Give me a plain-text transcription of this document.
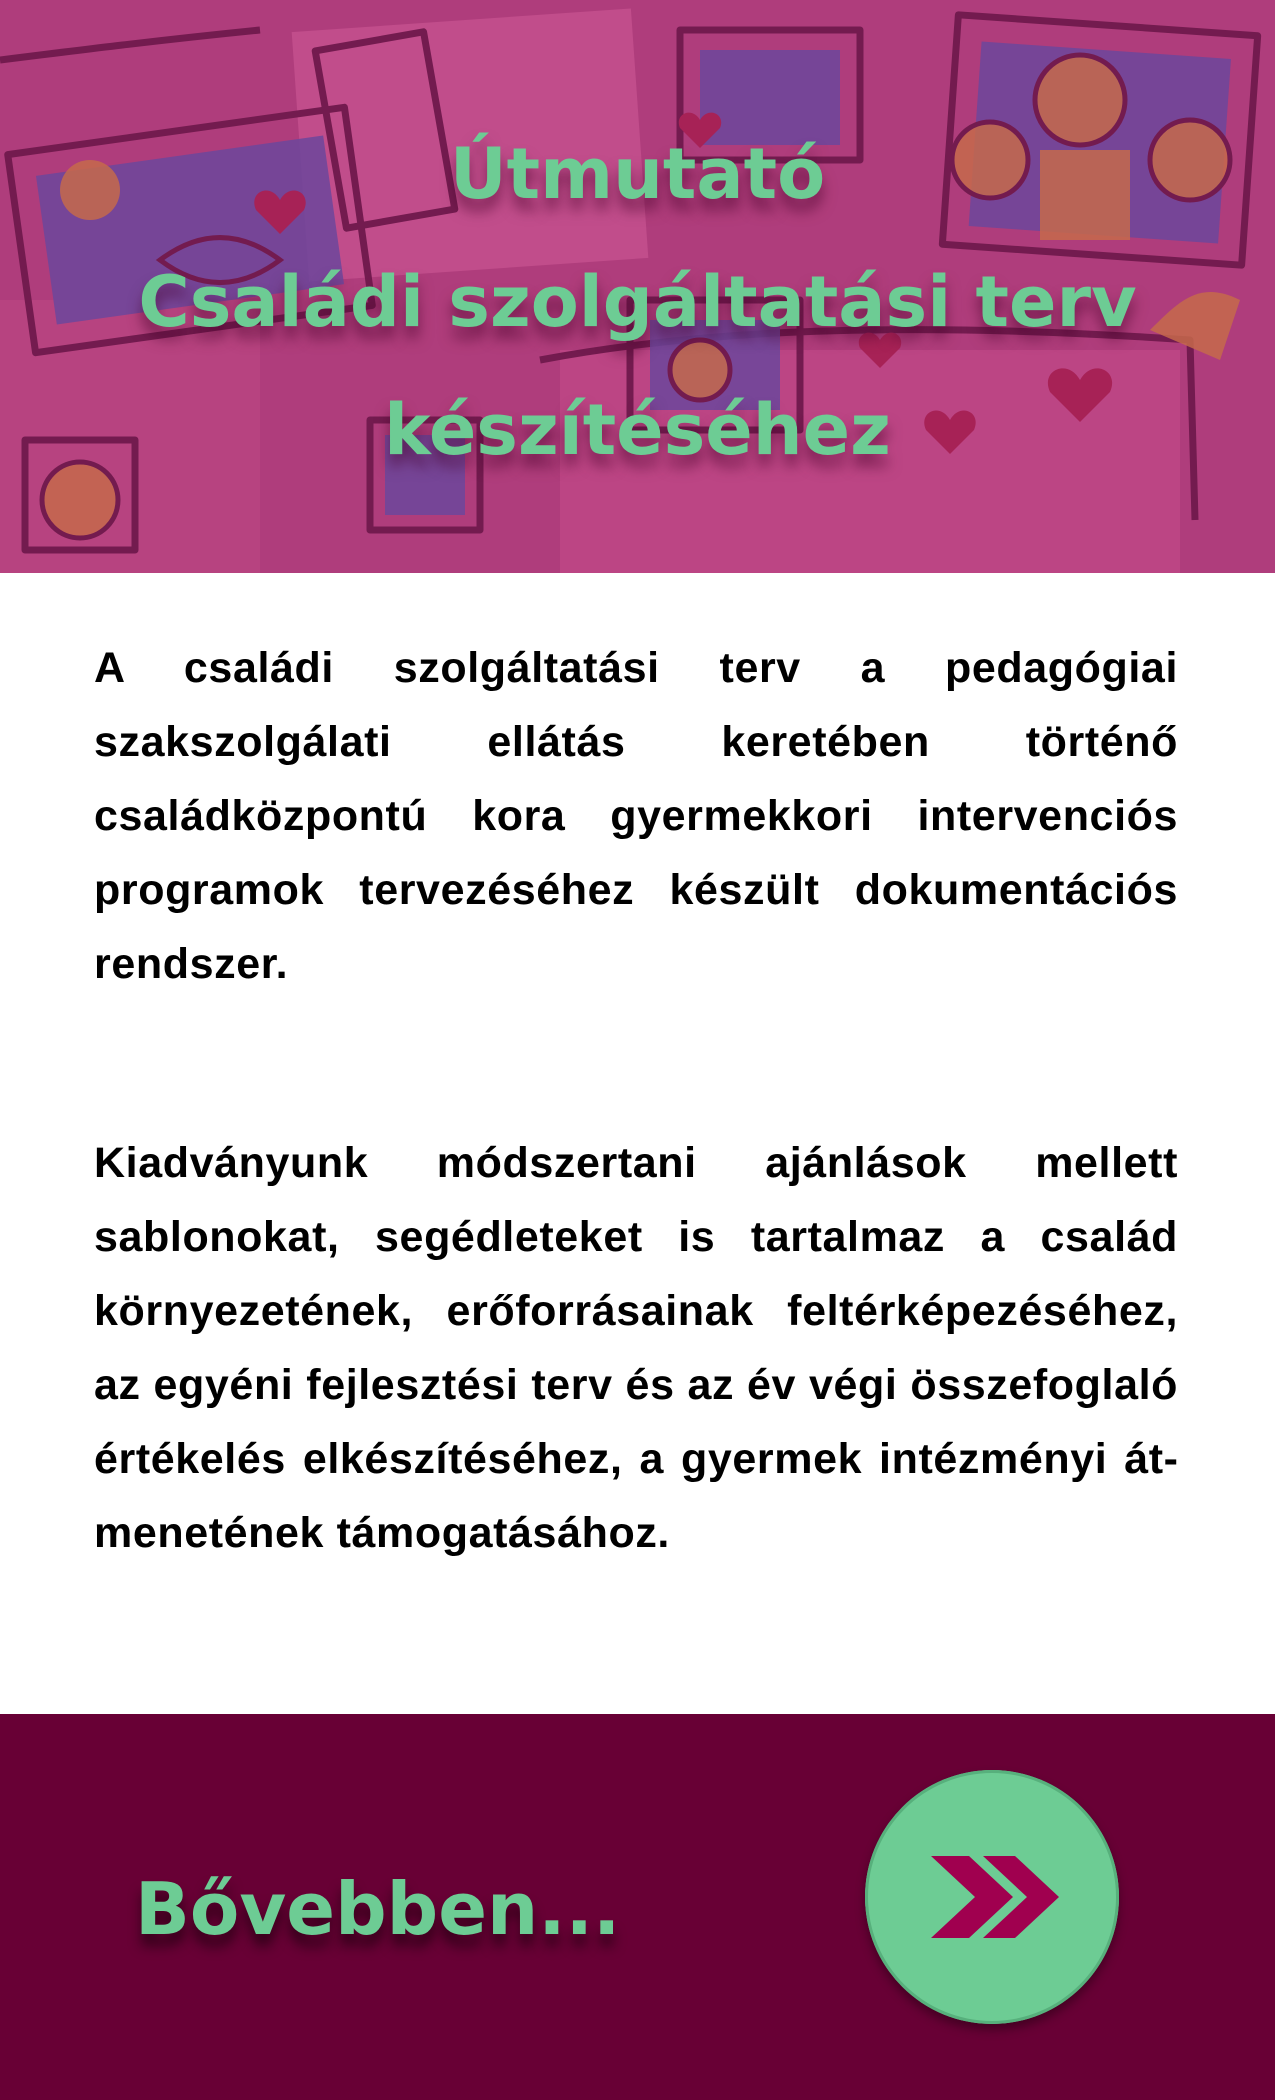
Útmutató
Családi szolgáltatási terv
készítéséhez

A családi szolgáltatási terv a pedagógiai szakszolgálati ellátás keretében történő családközpontú kora gyermekkori intervenciós programok tervezéséhez készült dokumentációs rendszer.

Kiadványunk módszertani ajánlások mellett sablonokat, segédleteket is tartalmaz a család környezetének, erőforrásainak feltérképezéséhez, az egyéni fejlesztési terv és az év végi összefoglaló értékelés elkészítéséhez, a gyermek intézményi átmenetének támogatásához.

Bővebben...
